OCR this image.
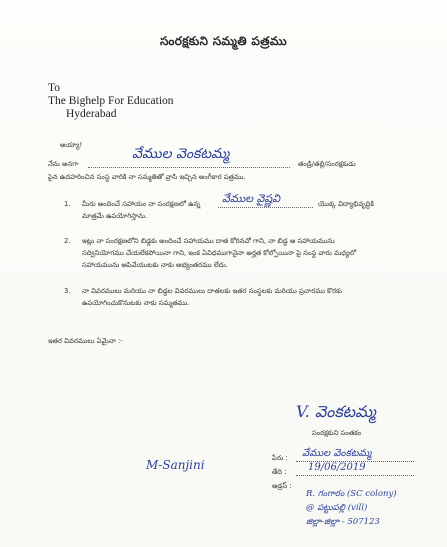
సంరక్షకుని సమ్మతి పత్రము
To
The Bighelp For Education
Hyderabad
అయ్యా!
నేను అనగా
వేముల వెంకటమ్మ
తండ్రి/తల్లి/సంరక్షకుడు
పైన ఉదహరించిన సంస్థ వారికి నా సమ్మతితో వ్రాసి ఇచ్చిన అంగీకార పత్రము.
1. మీరు అందించే సహాయం నా సంరక్షణలో ఉన్న వేముల వైష్ణవి	యొక్క విద్యాభివృద్ధికి
మాత్రమే ఉపయోగిస్తాను.
2. ఇట్లు నా సంరక్షణలోని బిడ్డకు అందించే సహాయము దాత కోరినచో గాని, నా బిడ్డ ఆ సహాయమును
సద్వినియోగము చేయలేకపోయినా గాని, ఇంక ఏవిధముగానైనా అర్హత కోల్పోయినా పై సంస్థ వారు మధ్యలో
సహాయమును ఆపివేయుటకు నాకు అభ్యంతరము లేదు.
3. నా వివరములు మరియు నా బిడ్డల వివరములు దాతలకు ఇతర సంస్థలకు మరియు ప్రచారము కొరకు
ఉపయోగించుకొనుటకు నాకు సమ్మతము.
ఇతర వివరములు ఏమైనా :-
V. వెంకటమ్మ
సంరక్షకుని సంతకం
M-Sanjini	పేరు : వేముల వెంకటమ్మ
తేది : 19/06/2019
అడ్రస్ :
R. గంగారం (SC colony)
@ పట్టుపల్లి (vill)
జిల్లా-జిల్లా - 507123
